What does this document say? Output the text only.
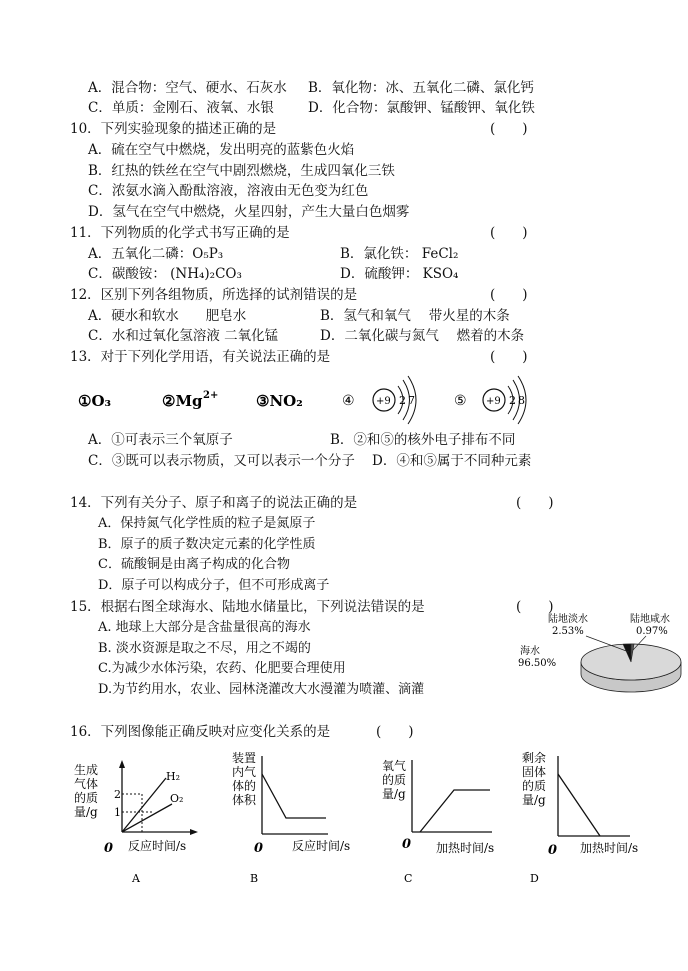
A．混合物：空气、硬水、石灰水 B．氧化物：冰、五氧化二磷、氯化钙
C．单质：金刚石、液氧、水银	D．化合物：氯酸钾、锰酸钾、氧化铁
10．下列实验现象的描述正确的是	(　　)
A．硫在空气中燃烧，发出明亮的蓝紫色火焰
B．红热的铁丝在空气中剧烈燃烧，生成四氧化三铁
C．浓氨水滴入酚酞溶液，溶液由无色变为红色
D．氢气在空气中燃烧，火星四射，产生大量白色烟雾
11．下列物质的化学式书写正确的是	(　　)
A．五氧化二磷：O₅P₃	B．氯化铁： FeCl₂
C．碳酸铵： (NH₄)₂CO₃	D．硫酸钾： KSO₄
12．区别下列各组物质，所选择的试剂错误的是	(　　)
A．硬水和软水　　肥皂水	B．氢气和氧气　 带火星的木条
C．水和过氧化氢溶液 二氧化锰	D．二氧化碳与氮气　 燃着的木条
13．对于下列化学用语，有关说法正确的是	(　　)
①O₃	②Mg 2+	③NO₂	④ +9 27	⑤ +9 28
A．①可表示三个氧原子	B．②和⑤的核外电子排布不同
C．③既可以表示物质，又可以表示一个分子 D．④和⑤属于不同种元素
14．下列有关分子、原子和离子的说法正确的是	(　　)
A．保持氮气化学性质的粒子是氮原子
B．原子的质子数决定元素的化学性质
C．硫酸铜是由离子构成的化合物
D．原子可以构成分子，但不可形成离子
15．根据右图全球海水、陆地水储量比，下列说法错误的是	(　　)
A. 地球上大部分是含盐量很高的海水
B. 淡水资源是取之不尽，用之不竭的
C.为减少水体污染，农药、化肥要合理使用
D.为节约用水，农业、园林浇灌改大水漫灌为喷灌、滴灌
陆地淡水
2.53%
陆地咸水
0.97%
海水
96.50%
16．下列图像能正确反映对应变化关系的是	(　　)
生成
气体
的质
量/g
2
1
H₂
O₂
0 反应时间/s
A
装置
内气
体的
体积
0 反应时间/s
B
氧气
的质
量/g
0 加热时间/s
C
剩余
固体
的质
量/g
0 加热时间/s
D
